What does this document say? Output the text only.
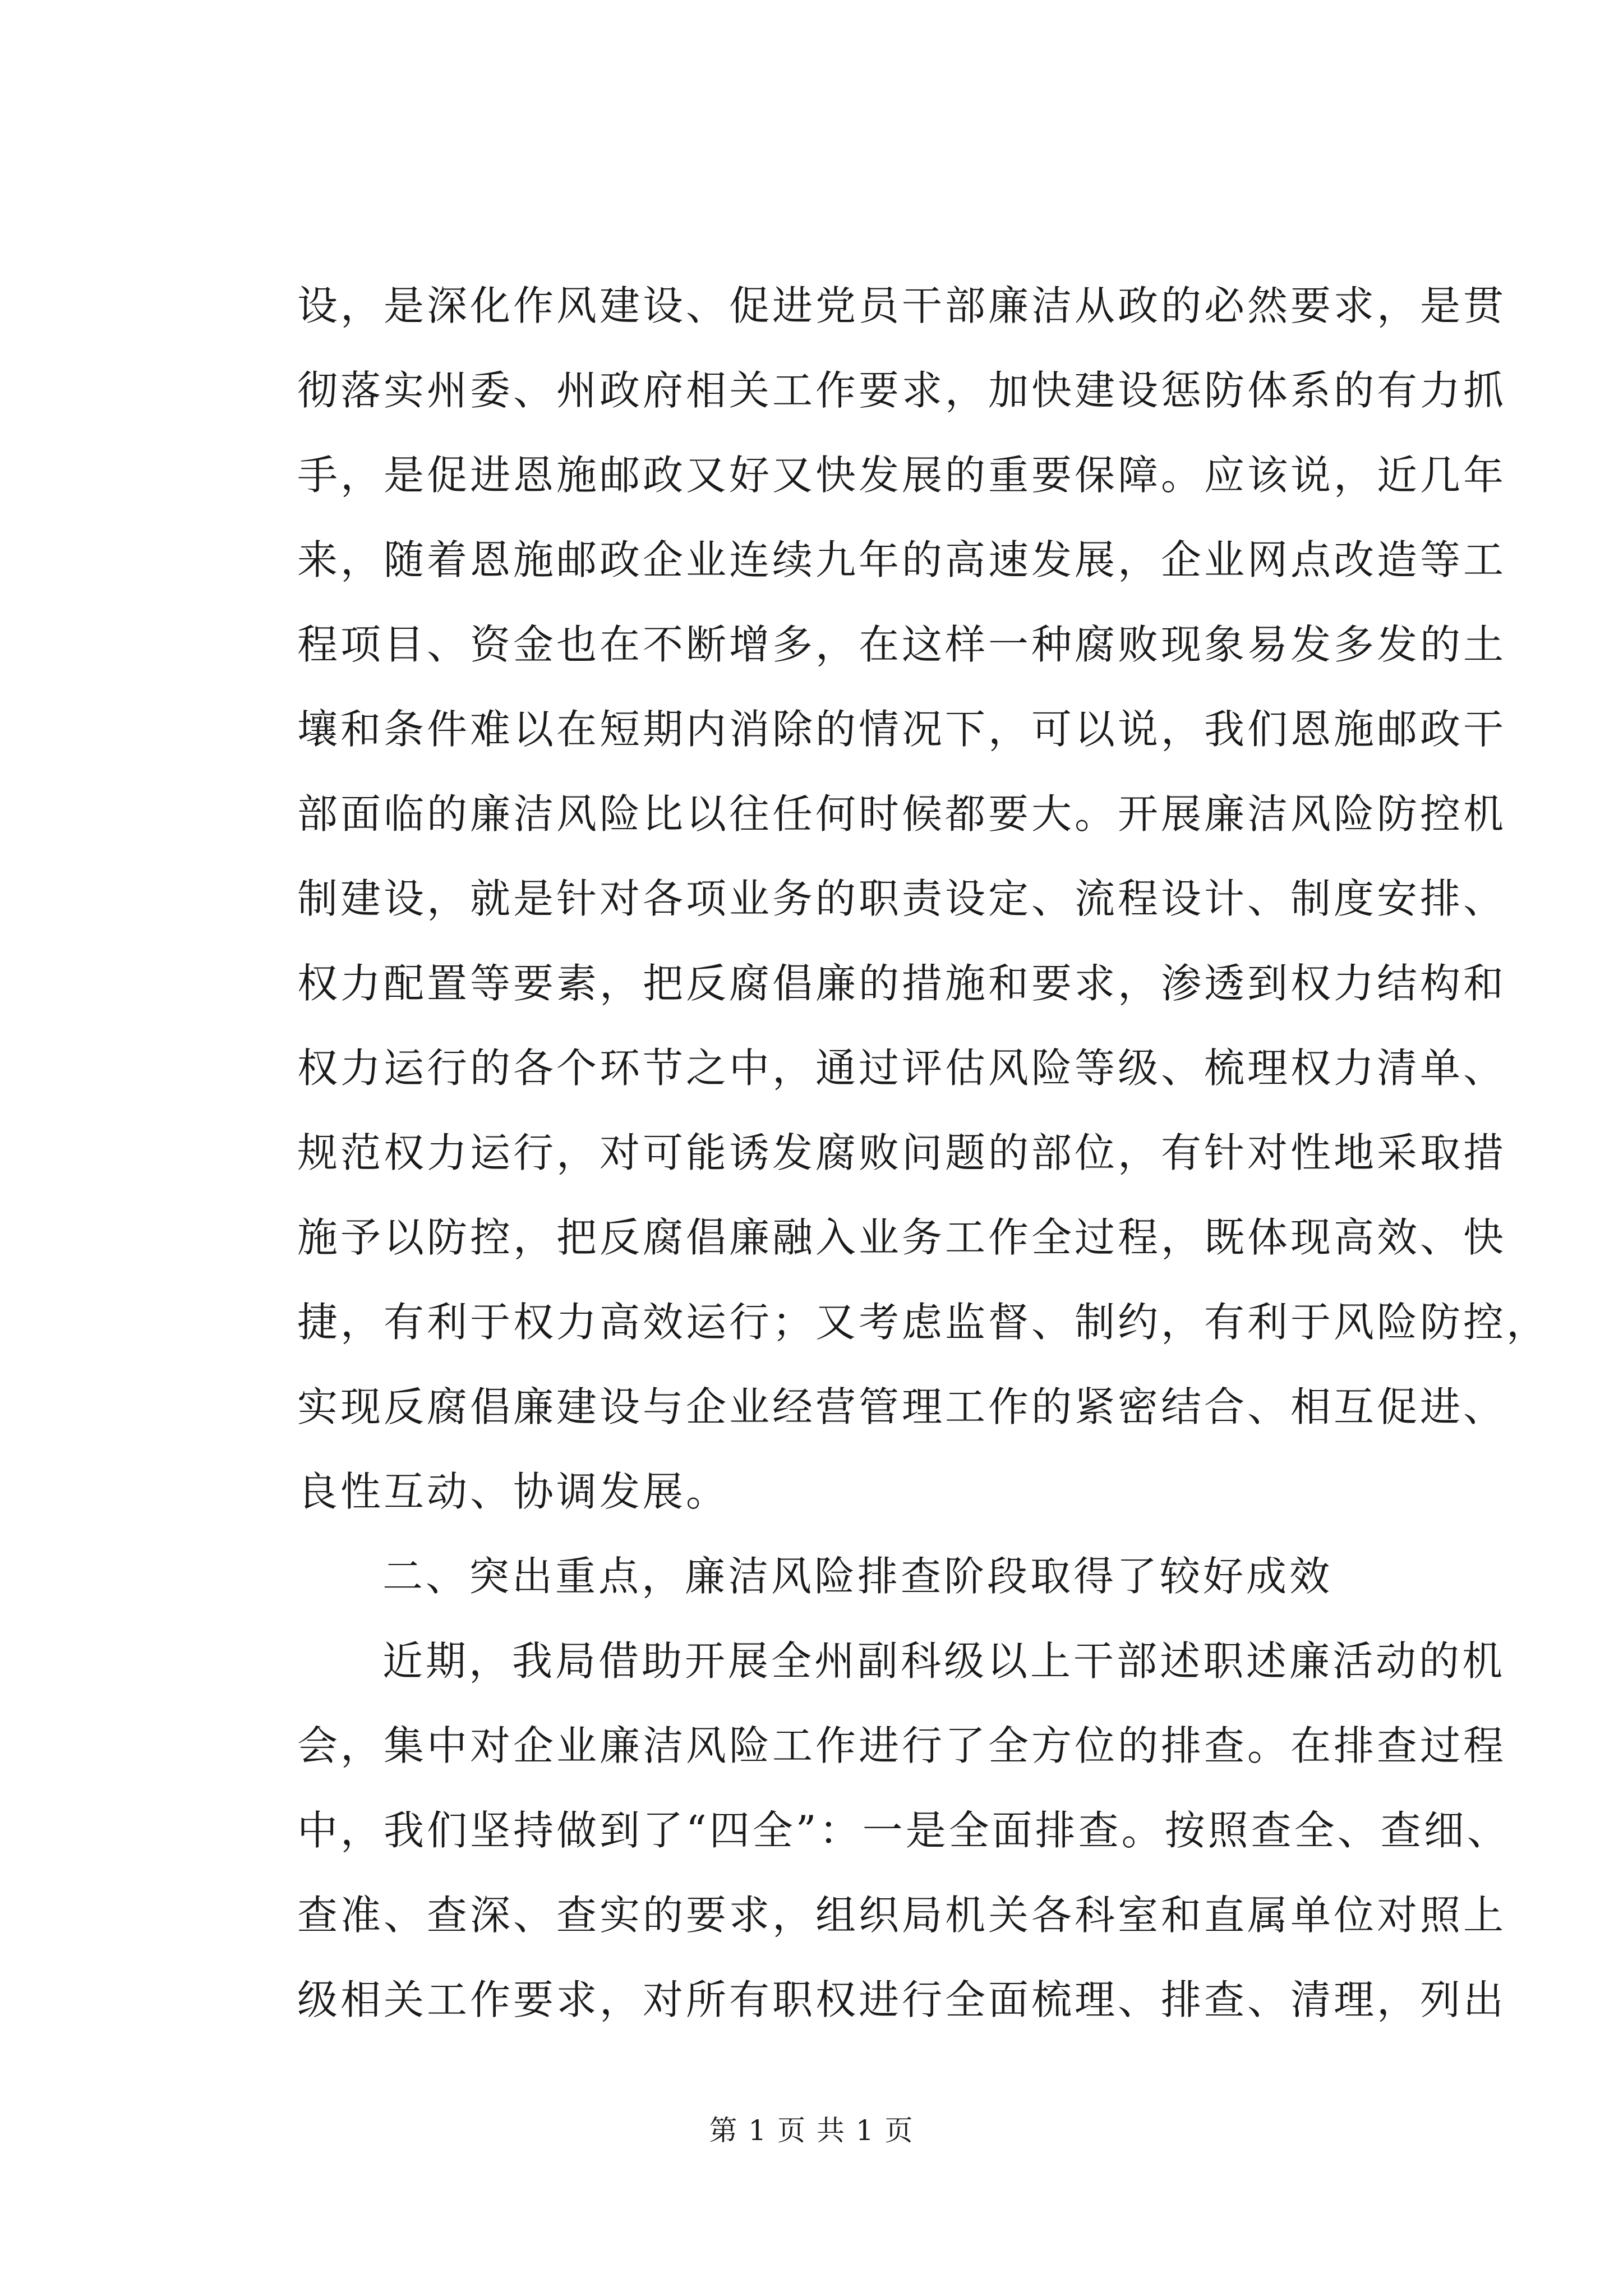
设，是深化作风建设、促进党员干部廉洁从政的必然要求，是贯
彻落实州委、州政府相关工作要求，加快建设惩防体系的有力抓
手，是促进恩施邮政又好又快发展的重要保障。应该说，近几年
来，随着恩施邮政企业连续九年的高速发展，企业网点改造等工
程项目、资金也在不断增多，在这样一种腐败现象易发多发的土
壤和条件难以在短期内消除的情况下，可以说，我们恩施邮政干
部面临的廉洁风险比以往任何时候都要大。开展廉洁风险防控机
制建设，就是针对各项业务的职责设定、流程设计、制度安排、
权力配置等要素，把反腐倡廉的措施和要求，渗透到权力结构和
权力运行的各个环节之中，通过评估风险等级、梳理权力清单、
规范权力运行，对可能诱发腐败问题的部位，有针对性地采取措
施予以防控，把反腐倡廉融入业务工作全过程，既体现高效、快
捷，有利于权力高效运行；又考虑监督、制约，有利于风险防控，
实现反腐倡廉建设与企业经营管理工作的紧密结合、相互促进、
良性互动、协调发展。
二、突出重点，廉洁风险排查阶段取得了较好成效
近期，我局借助开展全州副科级以上干部述职述廉活动的机
会，集中对企业廉洁风险工作进行了全方位的排查。在排查过程
中，我们坚持做到了“四全”：一是全面排查。按照查全、查细、
查准、查深、查实的要求，组织局机关各科室和直属单位对照上
级相关工作要求，对所有职权进行全面梳理、排查、清理，列出
第 1 页 共 1 页
